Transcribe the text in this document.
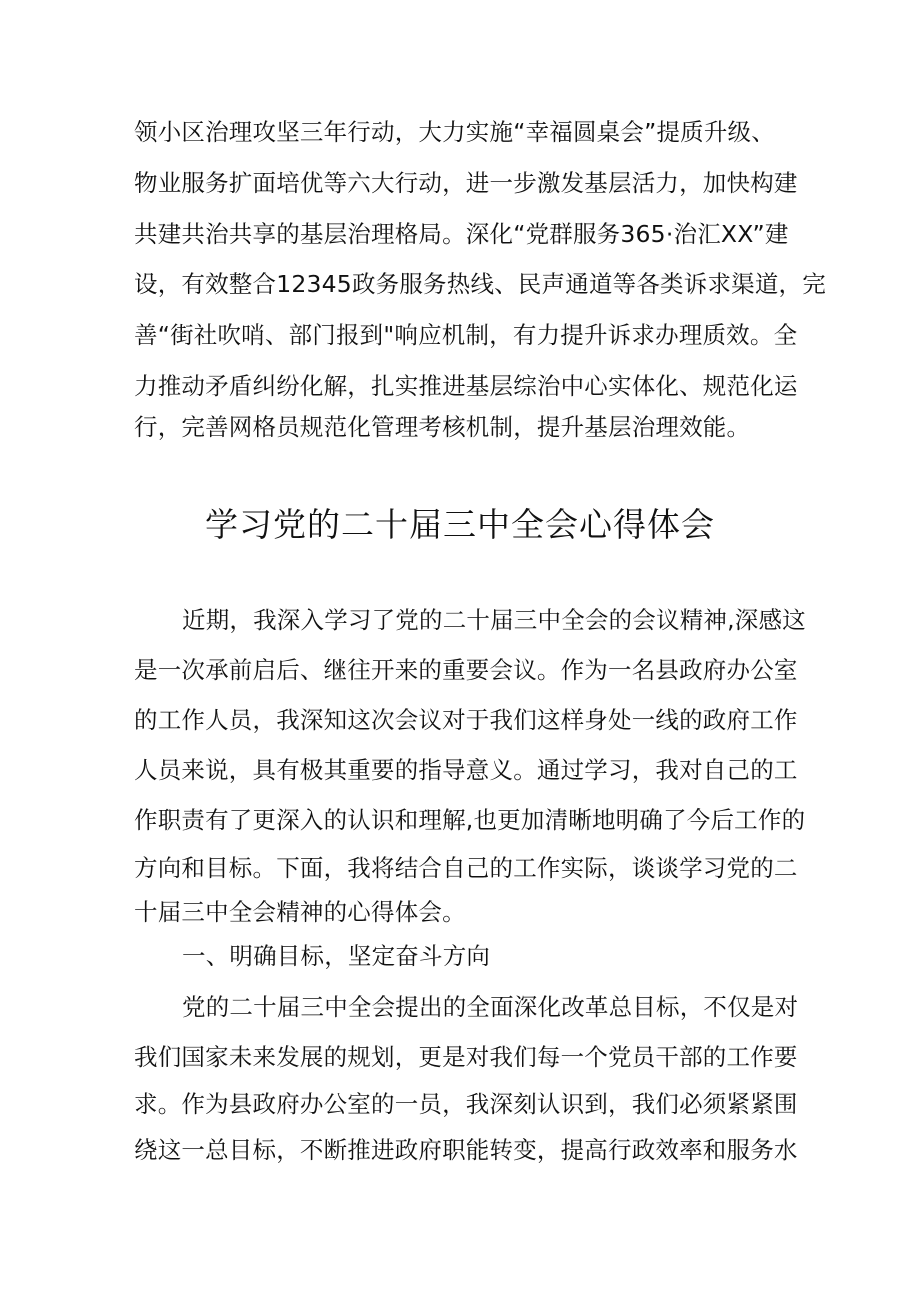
领小区治理攻坚三年行动，大力实施“幸福圆桌会”提质升级、
物业服务扩面培优等六大行动，进一步激发基层活力，加快构建
共建共治共享的基层治理格局。深化“党群服务365·治汇XX”建
设，有效整合12345政务服务热线、民声通道等各类诉求渠道，完
善“街社吹哨、部门报到"响应机制，有力提升诉求办理质效。全
力推动矛盾纠纷化解，扎实推进基层综治中心实体化、规范化运
行，完善网格员规范化管理考核机制，提升基层治理效能。
学习党的二十届三中全会心得体会
近期，我深入学习了党的二十届三中全会的会议精神,深感这
是一次承前启后、继往开来的重要会议。作为一名县政府办公室
的工作人员，我深知这次会议对于我们这样身处一线的政府工作
人员来说，具有极其重要的指导意义。通过学习，我对自己的工
作职责有了更深入的认识和理解,也更加清晰地明确了今后工作的
方向和目标。下面，我将结合自己的工作实际，谈谈学习党的二
十届三中全会精神的心得体会。
一、明确目标，坚定奋斗方向
党的二十届三中全会提出的全面深化改革总目标，不仅是对
我们国家未来发展的规划，更是对我们每一个党员干部的工作要
求。作为县政府办公室的一员，我深刻认识到，我们必须紧紧围
绕这一总目标，不断推进政府职能转变，提高行政效率和服务水
